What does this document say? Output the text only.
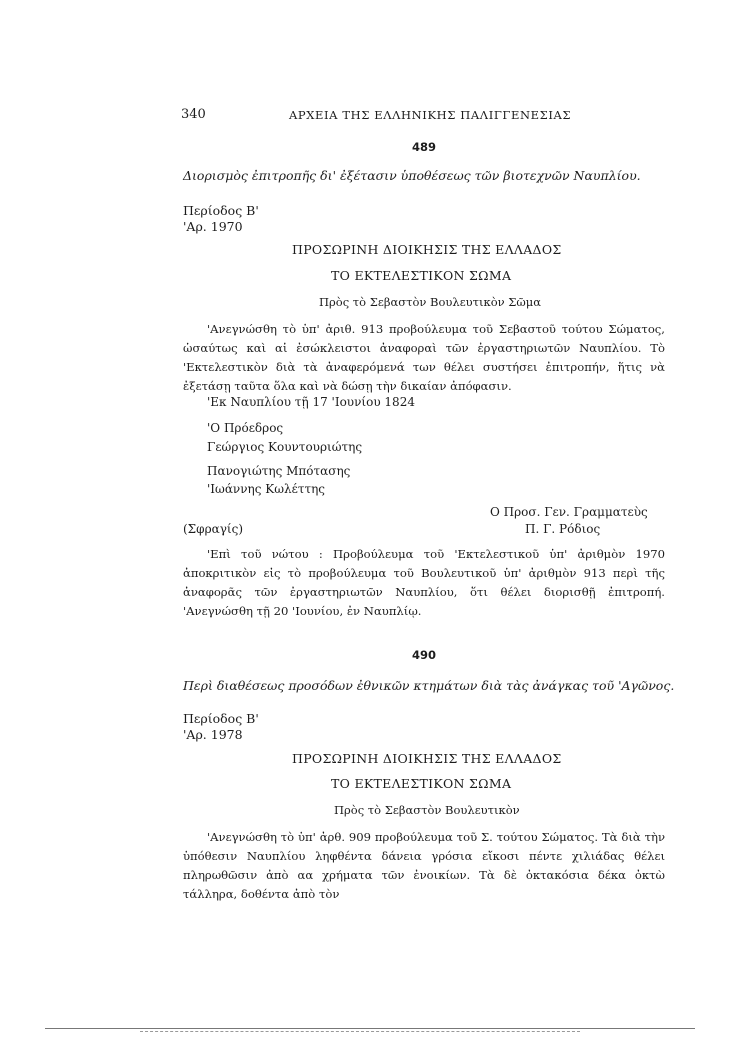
340	ΑΡΧΕΙΑ ΤΗΣ ΕΛΛΗΝΙΚΗΣ ΠΑΛΙΓΓΕΝΕΣΙΑΣ
489
Διορισμὸς ἐπιτροπῆς δι' ἐξέτασιν ὑποθέσεως τῶν βιοτεχνῶν Ναυπλίου.
Περίοδος Β'
'Αρ. 1970
ΠΡΟΣΩΡΙΝΗ ΔΙΟΙΚΗΣΙΣ ΤΗΣ ΕΛΛΑΔΟΣ
ΤΟ ΕΚΤΕΛΕΣΤΙΚΟΝ ΣΩΜΑ
Πρὸς τὸ Σεβαστὸν Βουλευτικὸν Σῶμα
'Ανεγνώσθη τὸ ὑπ' ἀριθ. 913 προβούλευμα τοῦ Σεβαστοῦ τούτου Σώματος, ὡσαύτως καὶ αἱ ἐσώκλειστοι ἀναφοραὶ τῶν ἐργαστηριωτῶν Ναυπλίου. Τὸ 'Εκτελεστικὸν διὰ τὰ ἀναφερόμενά των θέλει συστήσει ἐπιτροπήν, ἥτις νὰ ἐξετάσῃ ταῦτα ὅλα καὶ νὰ δώσῃ τὴν δικαίαν ἀπόφασιν.
'Εκ Ναυπλίου τῇ 17 'Ιουνίου 1824
'Ο Πρόεδρος
Γεώργιος Κουντουριώτης
Πανογιώτης Μπότασης
'Ιωάννης Κωλέττης
Ο Προσ. Γεν. Γραμματεὺς
Π. Γ. Ρόδιος
(Σφραγίς)
'Επὶ τοῦ νώτου : Προβούλευμα τοῦ 'Εκτελεστικοῦ ὑπ' ἀριθμὸν 1970 ἀποκριτικὸν εἰς τὸ προβούλευμα τοῦ Βουλευτικοῦ ὑπ' ἀριθμὸν 913 περὶ τῆς ἀναφορᾶς τῶν ἐργαστηριωτῶν Ναυπλίου, ὅτι θέλει διορισθῇ ἐπιτροπή. 'Ανεγνώσθη τῇ 20 'Ιουνίου, ἐν Ναυπλίῳ.
490
Περὶ διαθέσεως προσόδων ἐθνικῶν κτημάτων διὰ τὰς ἀνάγκας τοῦ 'Αγῶνος.
Περίοδος Β'
'Αρ. 1978
ΠΡΟΣΩΡΙΝΗ ΔΙΟΙΚΗΣΙΣ ΤΗΣ ΕΛΛΑΔΟΣ
ΤΟ ΕΚΤΕΛΕΣΤΙΚΟΝ ΣΩΜΑ
Πρὸς τὸ Σεβαστὸν Βουλευτικὸν
'Ανεγνώσθη τὸ ὑπ' ἀρθ. 909 προβούλευμα τοῦ Σ. τούτου Σώματος. Τὰ διὰ τὴν ὑπόθεσιν Ναυπλίου ληφθέντα δάνεια γρόσια εἴκοσι πέντε χιλιάδας θέλει πληρωθῶσιν ἀπὸ αα χρήματα τῶν ἐνοικίων. Τὰ δὲ ὀκτακόσια δέκα ὀκτὼ τάλληρα, δοθέντα ἀπὸ τὸν
